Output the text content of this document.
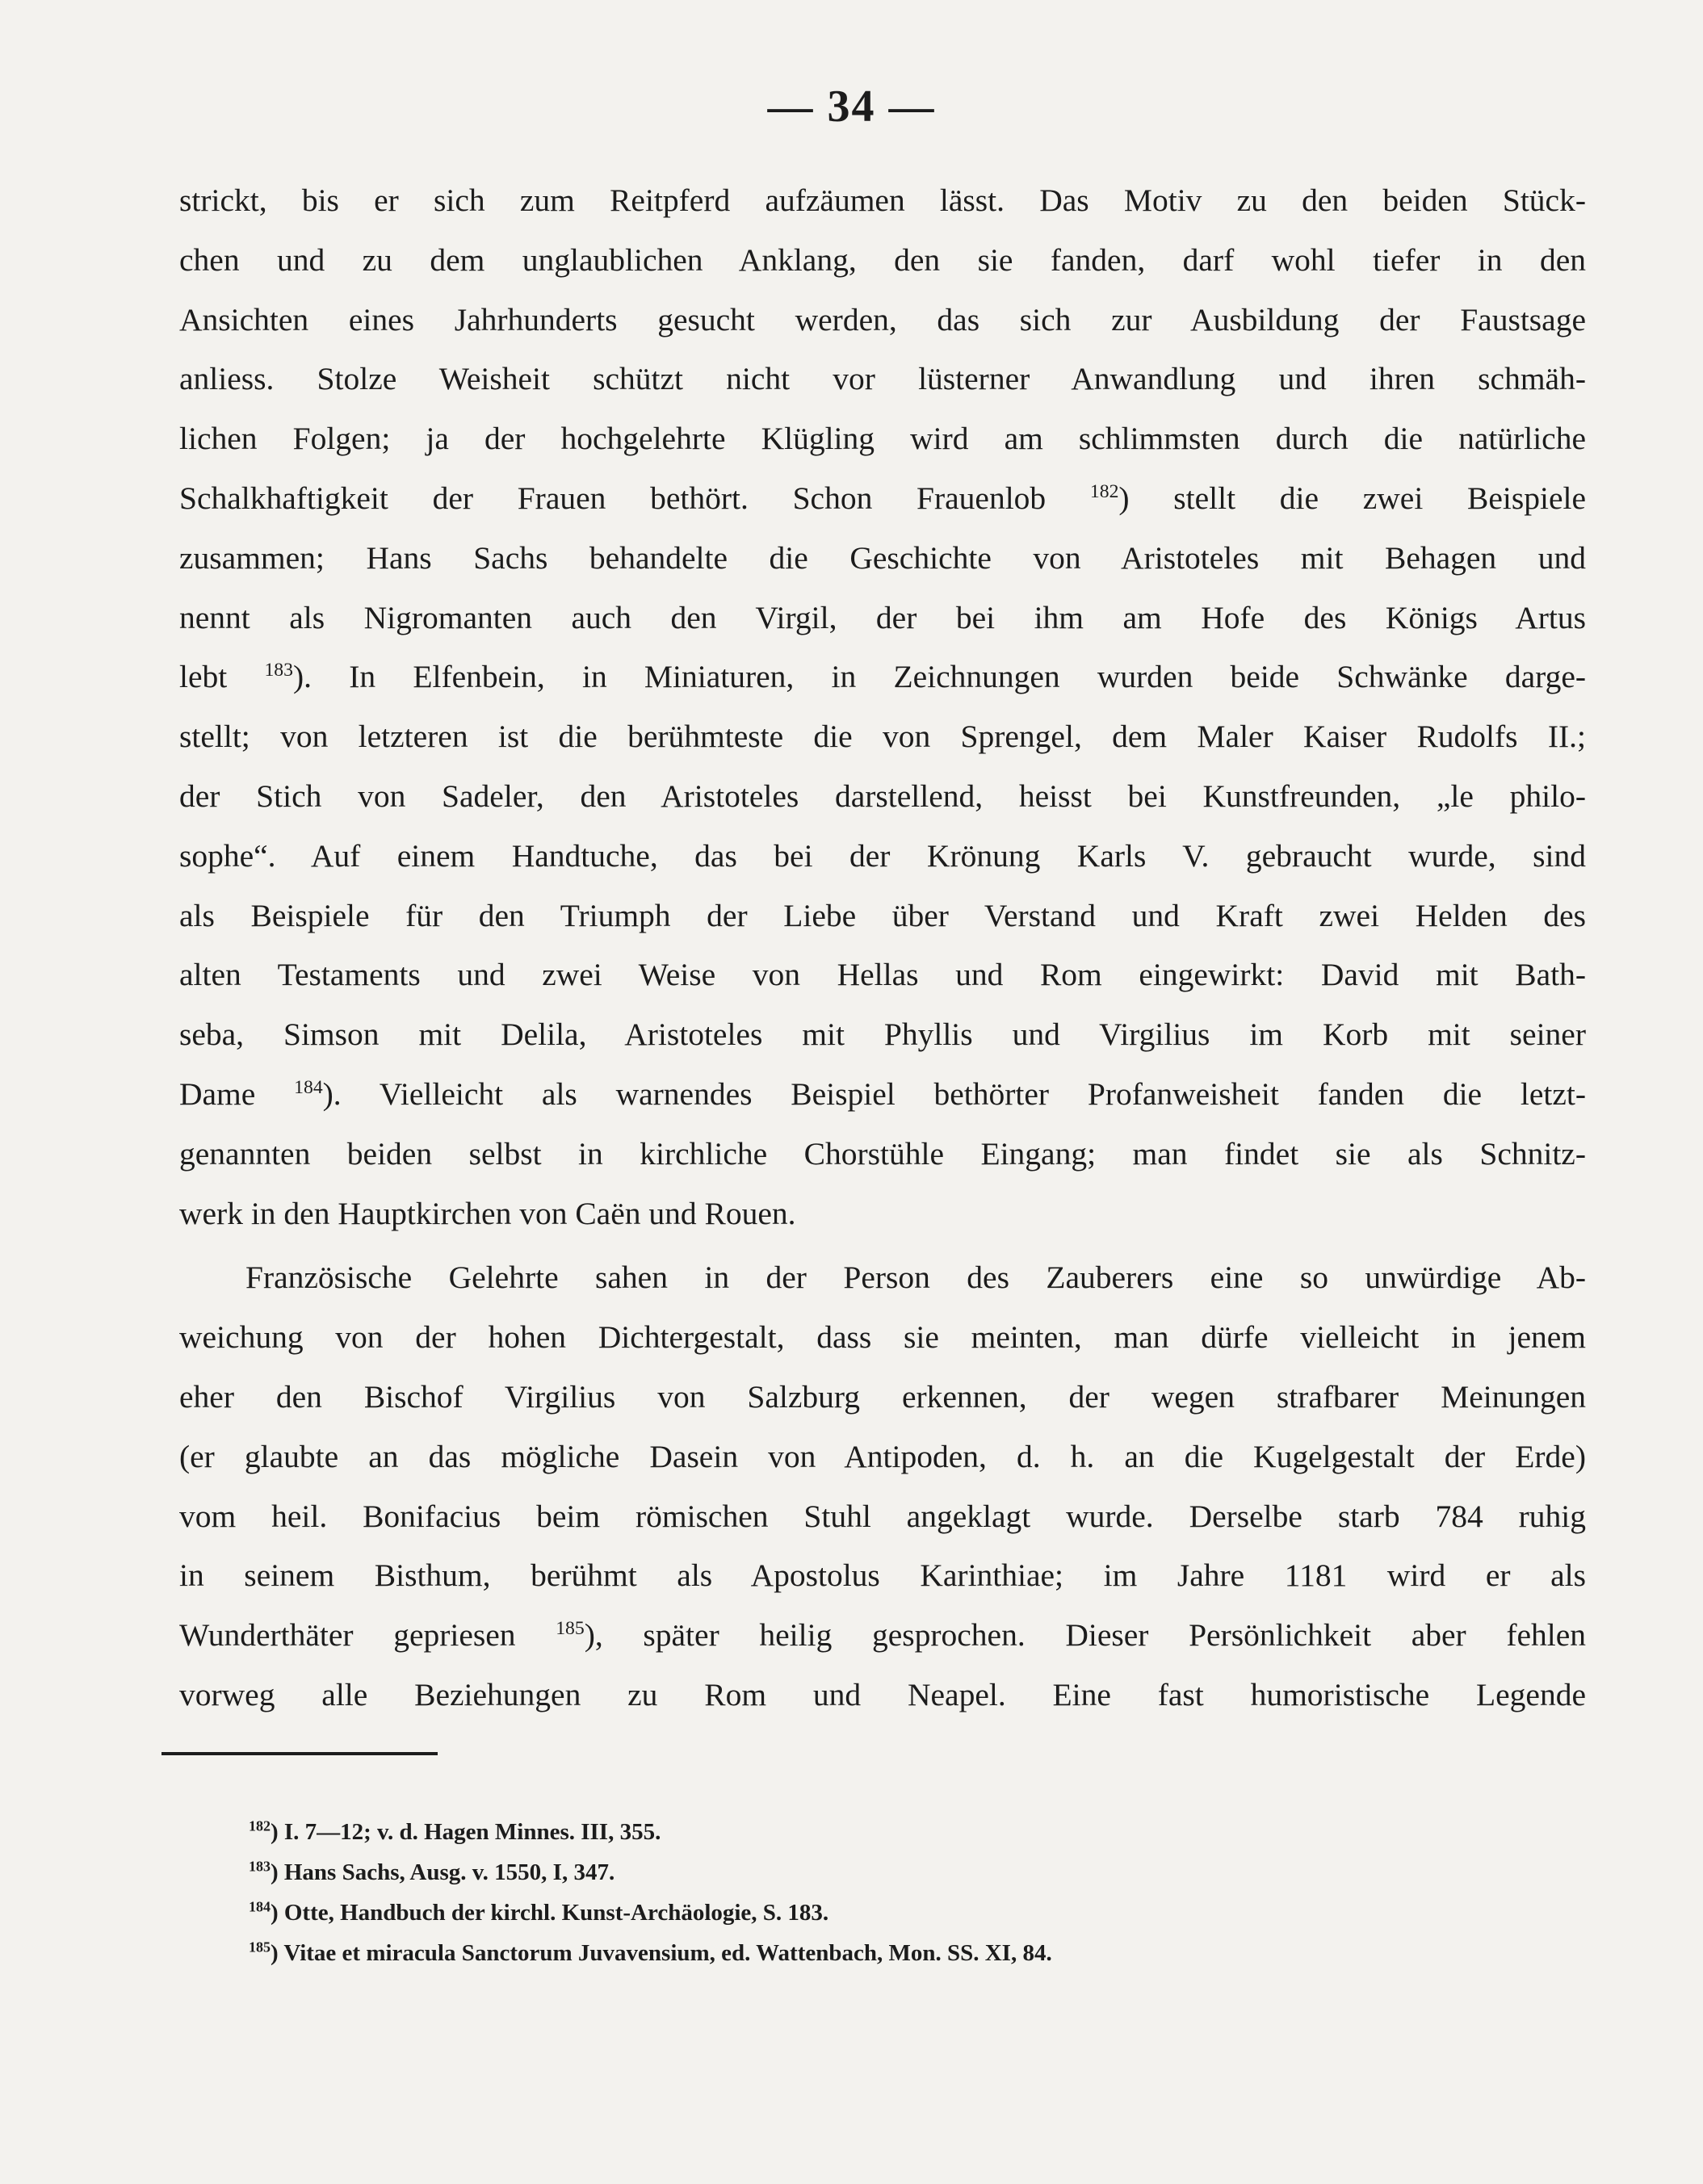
— 34 —
strickt, bis er sich zum Reitpferd aufzäumen lässt. Das Motiv zu den beiden Stück-
chen und zu dem unglaublichen Anklang, den sie fanden, darf wohl tiefer in den
Ansichten eines Jahrhunderts gesucht werden, das sich zur Ausbildung der Faustsage
anliess. Stolze Weisheit schützt nicht vor lüsterner Anwandlung und ihren schmäh-
lichen Folgen; ja der hochgelehrte Klügling wird am schlimmsten durch die natürliche
Schalkhaftigkeit der Frauen bethört. Schon Frauenlob $^{182}$) stellt die zwei Beispiele
zusammen; Hans Sachs behandelte die Geschichte von Aristoteles mit Behagen und
nennt als Nigromanten auch den Virgil, der bei ihm am Hofe des Königs Artus
lebt $^{183}$). In Elfenbein, in Miniaturen, in Zeichnungen wurden beide Schwänke darge-
stellt; von letzteren ist die berühmteste die von Sprengel, dem Maler Kaiser Rudolfs II.;
der Stich von Sadeler, den Aristoteles darstellend, heisst bei Kunstfreunden, „le philo-
sophe“. Auf einem Handtuche, das bei der Krönung Karls V. gebraucht wurde, sind
als Beispiele für den Triumph der Liebe über Verstand und Kraft zwei Helden des
alten Testaments und zwei Weise von Hellas und Rom eingewirkt: David mit Bath-
seba, Simson mit Delila, Aristoteles mit Phyllis und Virgilius im Korb mit seiner
Dame $^{184}$). Vielleicht als warnendes Beispiel bethörter Profanweisheit fanden die letzt-
genannten beiden selbst in kirchliche Chorstühle Eingang; man findet sie als Schnitz-
werk in den Hauptkirchen von Caën und Rouen.
Französische Gelehrte sahen in der Person des Zauberers eine so unwürdige Ab-
weichung von der hohen Dichtergestalt, dass sie meinten, man dürfe vielleicht in jenem
eher den Bischof Virgilius von Salzburg erkennen, der wegen strafbarer Meinungen
(er glaubte an das mögliche Dasein von Antipoden, d. h. an die Kugelgestalt der Erde)
vom heil. Bonifacius beim römischen Stuhl angeklagt wurde. Derselbe starb 784 ruhig
in seinem Bisthum, berühmt als Apostolus Karinthiae; im Jahre 1181 wird er als
Wunderthäter gepriesen $^{185}$), später heilig gesprochen. Dieser Persönlichkeit aber fehlen
vorweg alle Beziehungen zu Rom und Neapel. Eine fast humoristische Legende
$^{182}$) I. 7—12; v. d. Hagen Minnes. III, 355.
$^{183}$) Hans Sachs, Ausg. v. 1550, I, 347.
$^{184}$) Otte, Handbuch der kirchl. Kunst-Archäologie, S. 183.
$^{185}$) Vitae et miracula Sanctorum Juvavensium, ed. Wattenbach, Mon. SS. XI, 84.
